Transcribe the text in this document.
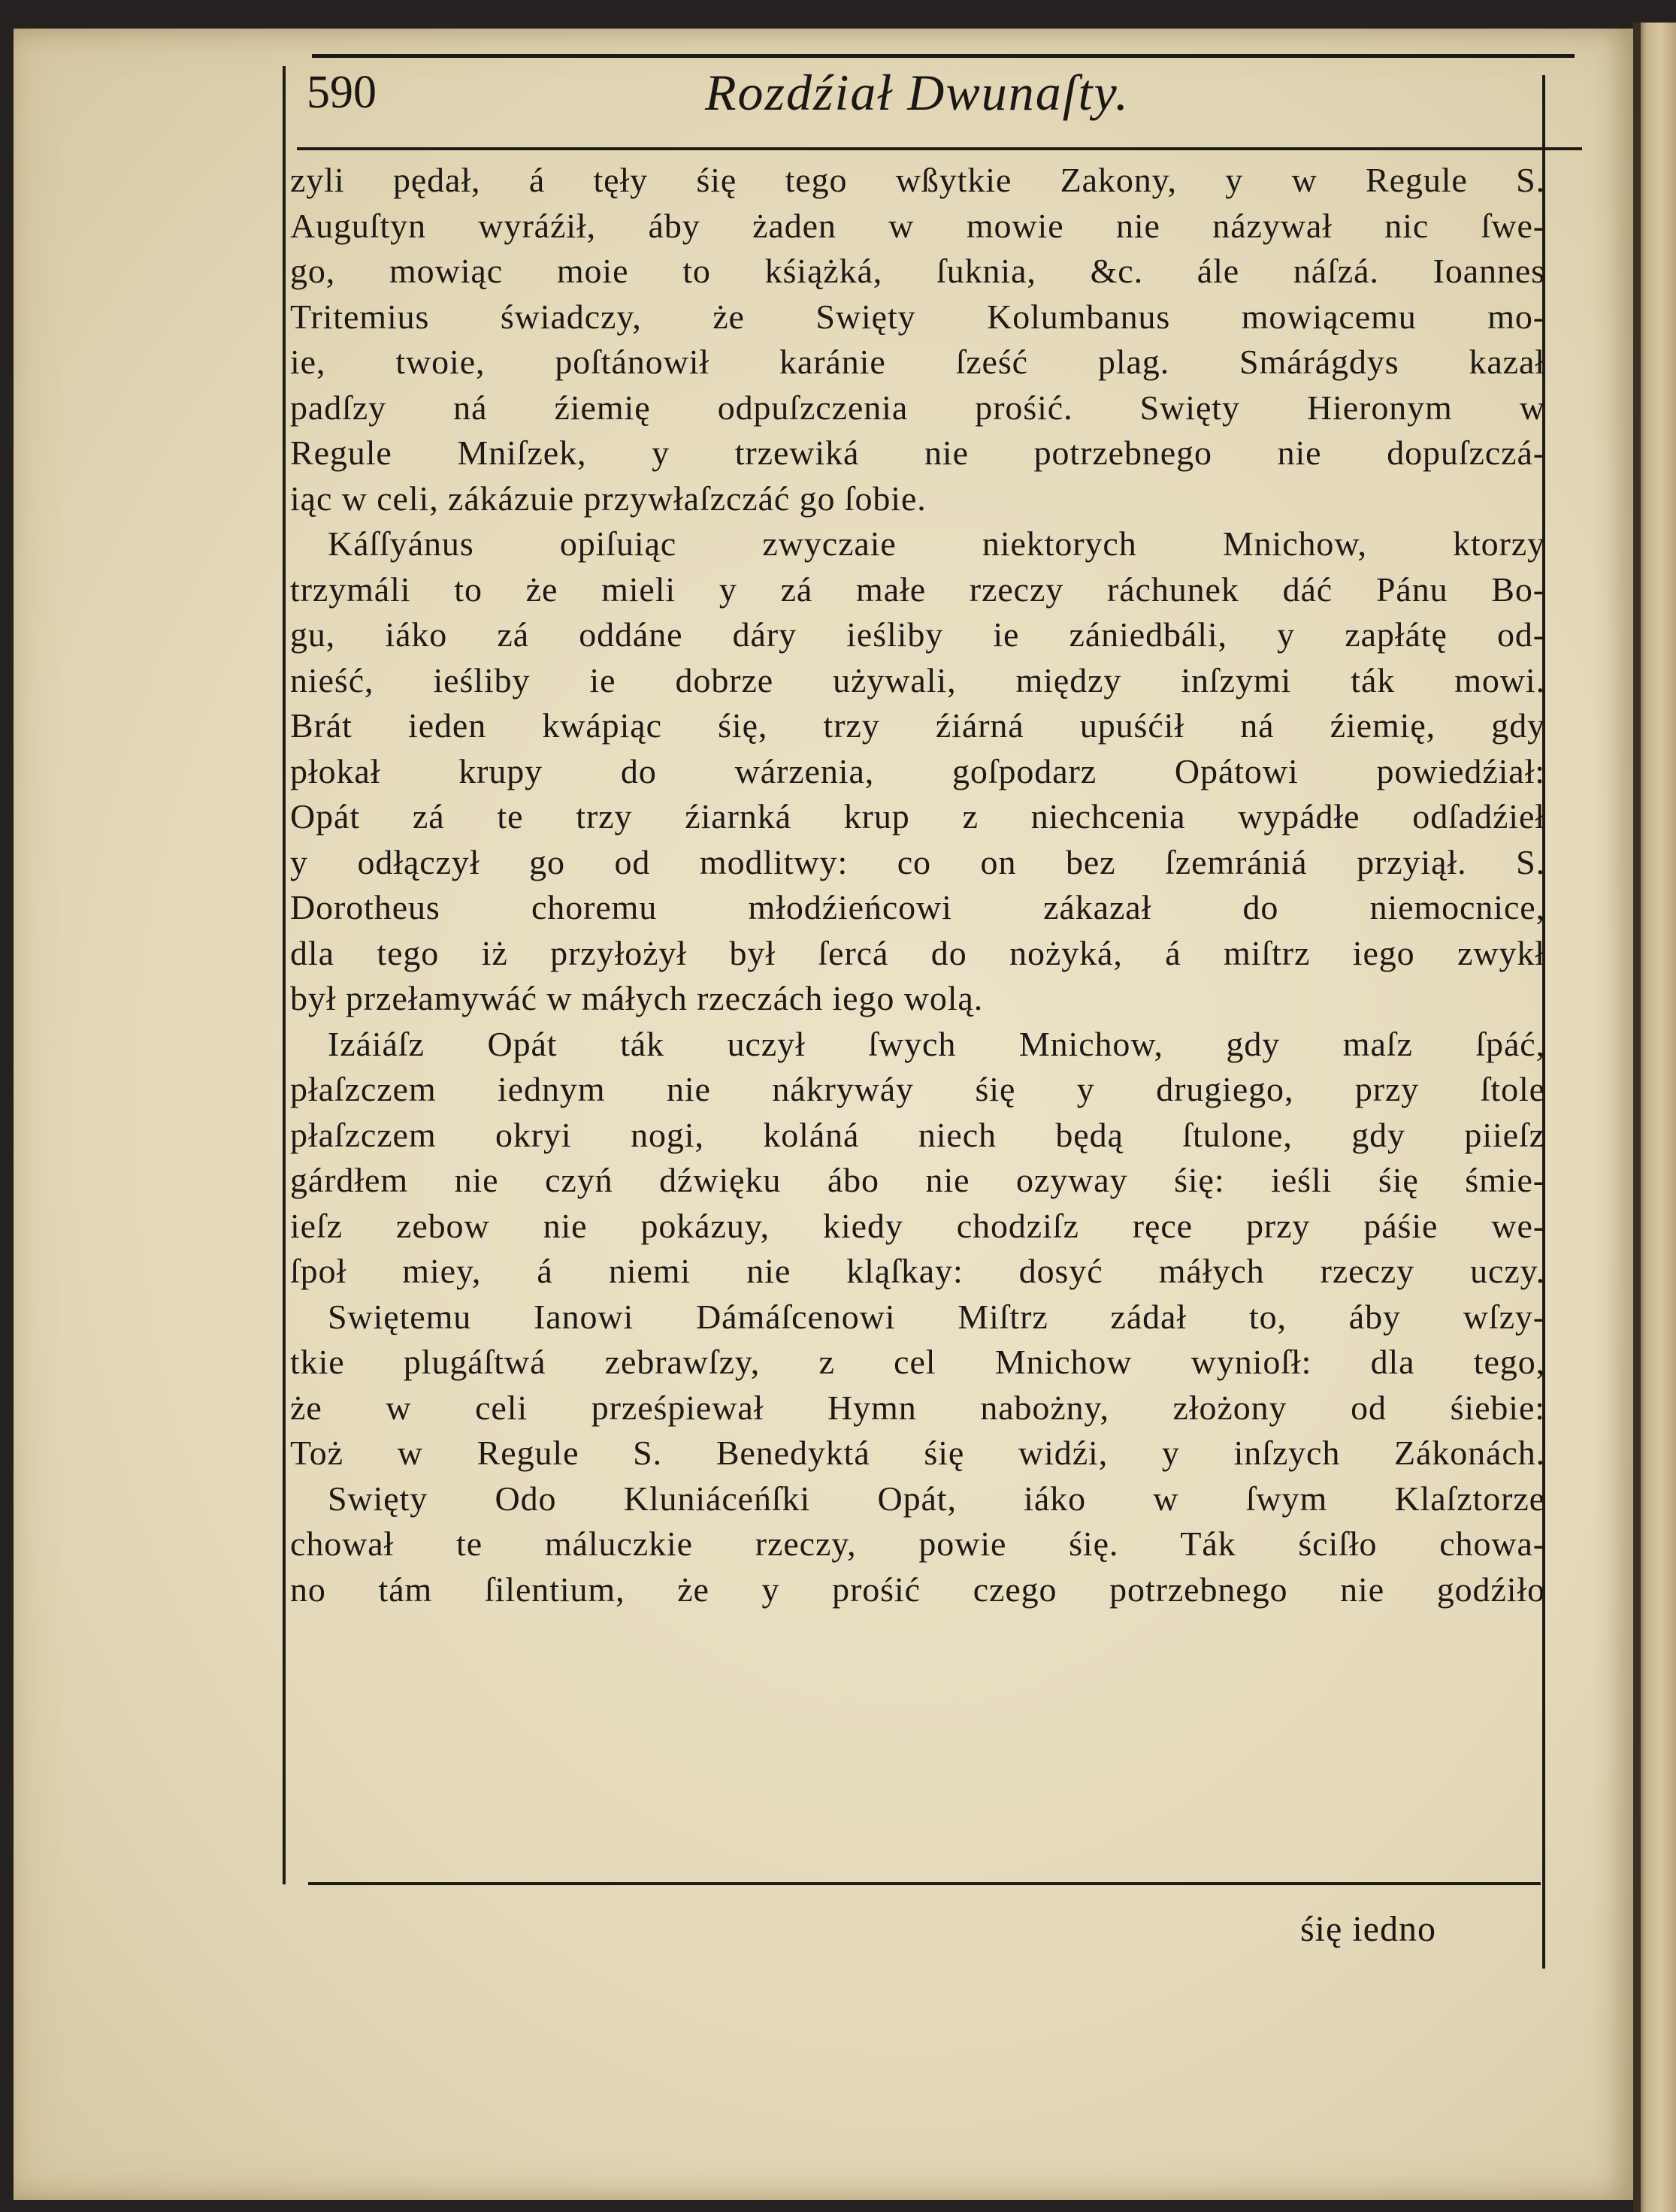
590	Rozdźiał Dwunaſty.
zyli pędał, á tęły śię tego wßytkie Zakony, y w Regule S.
Auguſtyn wyráźił, áby żaden w mowie nie názywał nic ſwe-
go, mowiąc moie to kśiążká, ſuknia, &c. ále náſzá. Ioannes
Tritemius świadczy, że Swięty Kolumbanus mowiącemu mo-
ie, twoie, poſtánowił karánie ſześć plag. Smárágdys kazał
padſzy ná źiemię odpuſzczenia prośić. Swięty Hieronym w
Regule Mniſzek, y trzewiká nie potrzebnego nie dopuſzczá-
iąc w celi, zákázuie przywłaſzczáć go ſobie.
Káſſyánus opiſuiąc zwyczaie niektorych Mnichow, ktorzy
trzymáli to że mieli y zá małe rzeczy ráchunek dáć Pánu Bo-
gu, iáko zá oddáne dáry ieśliby ie zániedbáli, y zapłátę od-
nieść, ieśliby ie dobrze używali, między inſzymi ták mowi.
Brát ieden kwápiąc śię, trzy źiárná upuśćił ná źiemię, gdy
płokał krupy do wárzenia, goſpodarz Opátowi powiedźiał:
Opát zá te trzy źiarnká krup z niechcenia wypádłe odſadźieł
y odłączył go od modlitwy: co on bez ſzemrániá przyiął. S.
Dorotheus choremu młodźieńcowi zákazał do niemocnice,
dla tego iż przyłożył był ſercá do nożyká, á miſtrz iego zwykł
był przełamywáć w máłych rzeczách iego wolą.
Izáiáſz Opát ták uczył ſwych Mnichow, gdy maſz ſpáć,
płaſzczem iednym nie nákrywáy śię y drugiego, przy ſtole
płaſzczem okryi nogi, koláná niech będą ſtulone, gdy piieſz
gárdłem nie czyń dźwięku ábo nie ozyway śię: ieśli śię śmie-
ieſz zebow nie pokázuy, kiedy chodziſz ręce przy páśie we-
ſpoł miey, á niemi nie kląſkay: dosyć máłych rzeczy uczy.
Swiętemu Ianowi Dámáſcenowi Miſtrz zádał to, áby wſzy-
tkie plugáſtwá zebrawſzy, z cel Mnichow wynioſł: dla tego,
że w celi prześpiewał Hymn nabożny, złożony od śiebie:
Toż w Regule S. Benedyktá śię widźi, y inſzych Zákonách.
Swięty Odo Kluniáceńſki Opát, iáko w ſwym Klaſztorze
chował te máluczkie rzeczy, powie śię. Ták ściſło chowa-
no tám ſilentium, że y prośić czego potrzebnego nie godźiło
śię iedno
